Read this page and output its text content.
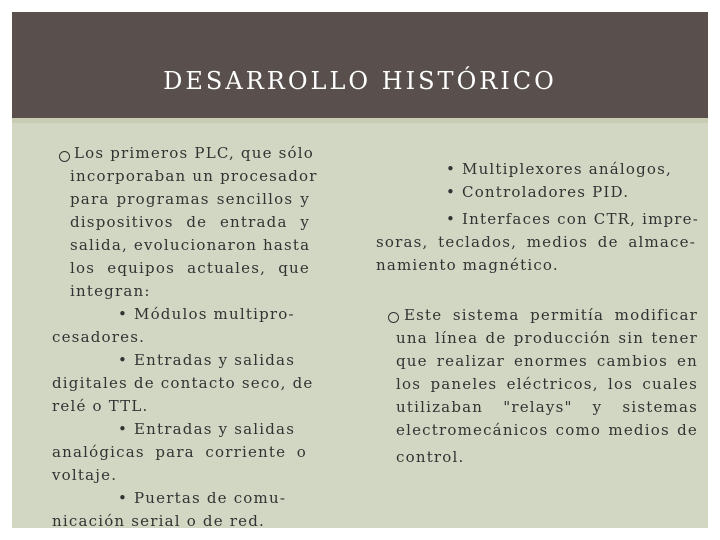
DESARROLLO HISTÓRICO
Los primeros PLC, que sólo
incorporaban un procesador
para programas sencillos y
dispositivos de entrada y
salida, evolucionaron hasta
los equipos actuales, que
integran:
• Módulos multipro-
cesadores.
• Entradas y salidas
digitales de contacto seco, de
relé o TTL.
• Entradas y salidas
analógicas para corriente o
voltaje.
• Puertas de comu-
nicación serial o de red.
• Multiplexores análogos,
• Controladores PID.
• Interfaces con CTR, impre-
soras, teclados, medios de almace-
namiento magnético.
Este sistema permitía modificar
una línea de producción sin tener
que realizar enormes cambios en
los paneles eléctricos, los cuales
utilizaban "relays" y sistemas
electromecánicos como medios de
control.
